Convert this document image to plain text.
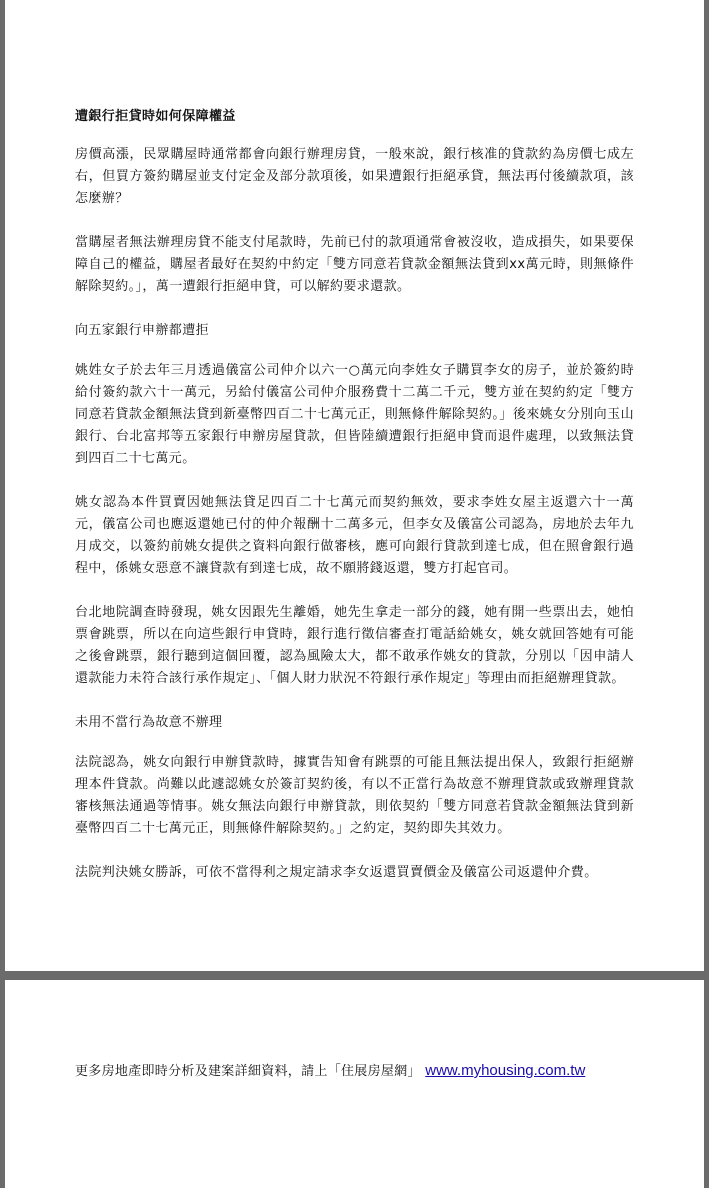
遭銀行拒貸時如何保障權益

房價高漲，民眾購屋時通常都會向銀行辦理房貸，一般來說，銀行核准的貸款約為房價七成左右，但買方簽約購屋並支付定金及部分款項後，如果遭銀行拒絕承貸，無法再付後續款項，該怎麼辦？

當購屋者無法辦理房貸不能支付尾款時，先前已付的款項通常會被沒收，造成損失，如果要保障自己的權益，購屋者最好在契約中約定「雙方同意若貸款金額無法貸到xx萬元時，則無條件解除契約。」，萬一遭銀行拒絕申貸，可以解約要求還款。

向五家銀行申辦都遭拒

姚姓女子於去年三月透過儀富公司仲介以六一○萬元向李姓女子購買李女的房子，並於簽約時給付簽約款六十一萬元，另給付儀富公司仲介服務費十二萬二千元，雙方並在契約約定「雙方同意若貸款金額無法貸到新臺幣四百二十七萬元正，則無條件解除契約。」後來姚女分別向玉山銀行、台北富邦等五家銀行申辦房屋貸款，但皆陸續遭銀行拒絕申貸而退件處理，以致無法貸到四百二十七萬元。

姚女認為本件買賣因她無法貸足四百二十七萬元而契約無效，要求李姓女屋主返還六十一萬元，儀富公司也應返還她已付的仲介報酬十二萬多元，但李女及儀富公司認為，房地於去年九月成交，以簽約前姚女提供之資料向銀行做審核，應可向銀行貸款到達七成，但在照會銀行過程中，係姚女惡意不讓貸款有到達七成，故不願將錢返還，雙方打起官司。

台北地院調查時發現，姚女因跟先生離婚，她先生拿走一部分的錢，她有開一些票出去，她怕票會跳票，所以在向這些銀行申貸時，銀行進行徵信審查打電話給姚女，姚女就回答她有可能之後會跳票，銀行聽到這個回覆，認為風險太大，都不敢承作姚女的貸款，分別以「因申請人還款能力未符合該行承作規定」、「個人財力狀況不符銀行承作規定」等理由而拒絕辦理貸款。

未用不當行為故意不辦理

法院認為，姚女向銀行申辦貸款時，據實告知會有跳票的可能且無法提出保人，致銀行拒絕辦理本件貸款。尚難以此遽認姚女於簽訂契約後，有以不正當行為故意不辦理貸款或致辦理貸款審核無法通過等情事。姚女無法向銀行申辦貸款，則依契約「雙方同意若貸款金額無法貸到新臺幣四百二十七萬元正，則無條件解除契約。」之約定，契約即失其效力。

法院判決姚女勝訴，可依不當得利之規定請求李女返還買賣價金及儀富公司返還仲介費。

更多房地產即時分析及建案詳細資料，請上「住展房屋網」 www.myhousing.com.tw
